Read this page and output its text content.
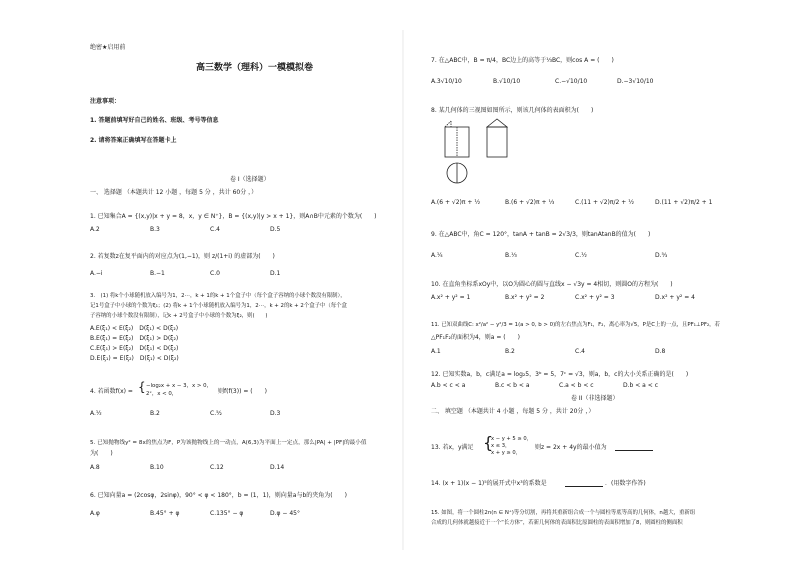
绝密★启用前
高三数学（理科）一模模拟卷
注意事项：
1. 答题前填写好自己的姓名、班级、考号等信息
2. 请将答案正确填写在答题卡上
卷 I（选择题）
一、 选择题 （本题共计 12 小题 ，每题 5 分 ，共计 60分 ，）
1. 已知集合A = {(x,y)|x + y = 8，x，y ∈ N⁺}，B = {(x,y)|y > x + 1}，则A∩B中元素的个数为(　　)
A.2	B.3	C.4	D.5
2. 若复数z在复平面内的对应点为(1,−1)，则 z/(1+i) 的虚部为(　　)
A.−i	B.−1	C.0	D.1
3.　(1) 将k个小球随机放入编号为1，2⋯，k + 1的k + 1个盒子中（每个盒子容纳的小球个数没有限制），
记1号盒子中小球的个数为ξ₁；(2) 将k + 1个小球随机放入编号为1，2⋯，k + 2的k + 2个盒子中（每个盒
子容纳的小球个数没有限制），记k + 2号盒子中小球的个数为ξ₂，则(　　)
A.E(ξ₁) < E(ξ₂)　D(ξ₁) < D(ξ₂)
B.E(ξ₁) = E(ξ₂)　D(ξ₁) > D(ξ₂)
C.E(ξ₁) > E(ξ₂)　D(ξ₁) < D(ξ₂)
D.E(ξ₁) = E(ξ₂)　D(ξ₁) < D(ξ₂)
4. 若函数f(x) = { −log₂x + x − 3，x > 0，
2ˣ，x < 0，	则f(f(3)) = (　　)
A.½	B.2	C.⁵⁄₂	D.3
5. 已知抛物线y² = 8x的焦点为F，P为该抛物线上的一动点，A(6,3)为平面上一定点，那么|PA| + |PF|的最小值
为(　　)
A.8	B.10	C.12	D.14
6. 已知向量a = (2cosφ，2sinφ)，90° < φ < 180°，b = (1，1)，则向量a与b的夹角为(　　)
A.φ	B.45° + φ	C.135° − φ	D.φ − 45°
7. 在△ABC中，B = π/4，BC边上的高等于⅓BC，则cos A = (　　)
A.3√10/10	B.√10/10	C.−√10/10	D.−3√10/10
8. 某几何体的三视图如图所示，则该几何体的表面积为(　　)
A.(6 + √2)π + ½	B.(6 + √2)π + ⅓	C.(11 + √2)π/2 + ½	D.(11 + √2)π/2 + 1
9. 在△ABC中，角C = 120°，tanA + tanB = 2√3/3，则tanAtanB的值为(　　)
A.¼	B.⅓	C.½	D.⁵⁄₃
10. 在直角坐标系xOy中，以O为圆心的圆与直线x − √3y = 4相切，则圆O的方程为(　　)
A.x² + y² = 1	B.x² + y² = 2	C.x² + y² = 3	D.x² + y² = 4
11. 已知双曲线C: x²/a² − y²/3 = 1(a > 0, b > 0)的左右焦点为F₁，F₂，离心率为√5，P是C上的一点，且PF₁⊥PF₂，若
△PF₁F₂的面积为4，则a = (　　)
A.1	B.2	C.4	D.8
12. 已知实数a，b，c满足a = log₂5，3ᵇ = 5，7ᶜ = √3，则a，b，c的大小关系正确的是(　　)
A.b < c < a	B.c < b < a	C.a < b < c	D.b < a < c
卷 II（非选择题）
二、 填空题 （本题共计 4 小题 ，每题 5 分 ，共计 20分 ，）
13. 若x，y满足 {
x − y + 5 ≥ 0，
x ≤ 3，
x + y ≥ 0，
则z = 2x + 4y的最小值为
14. (x + 1)(x − 1)⁵的展开式中x³的系数是	．(用数字作答)
15. 如图，将一个圆柱2n(n ∈ N⁺)等分切割，再将其重新组合成一个与圆柱等底等高的几何体，n越大，重新组
合成的几何体就越接近于一个“长方体”，若新几何体的表面积比原圆柱的表面积增加了8，则圆柱的侧面积
